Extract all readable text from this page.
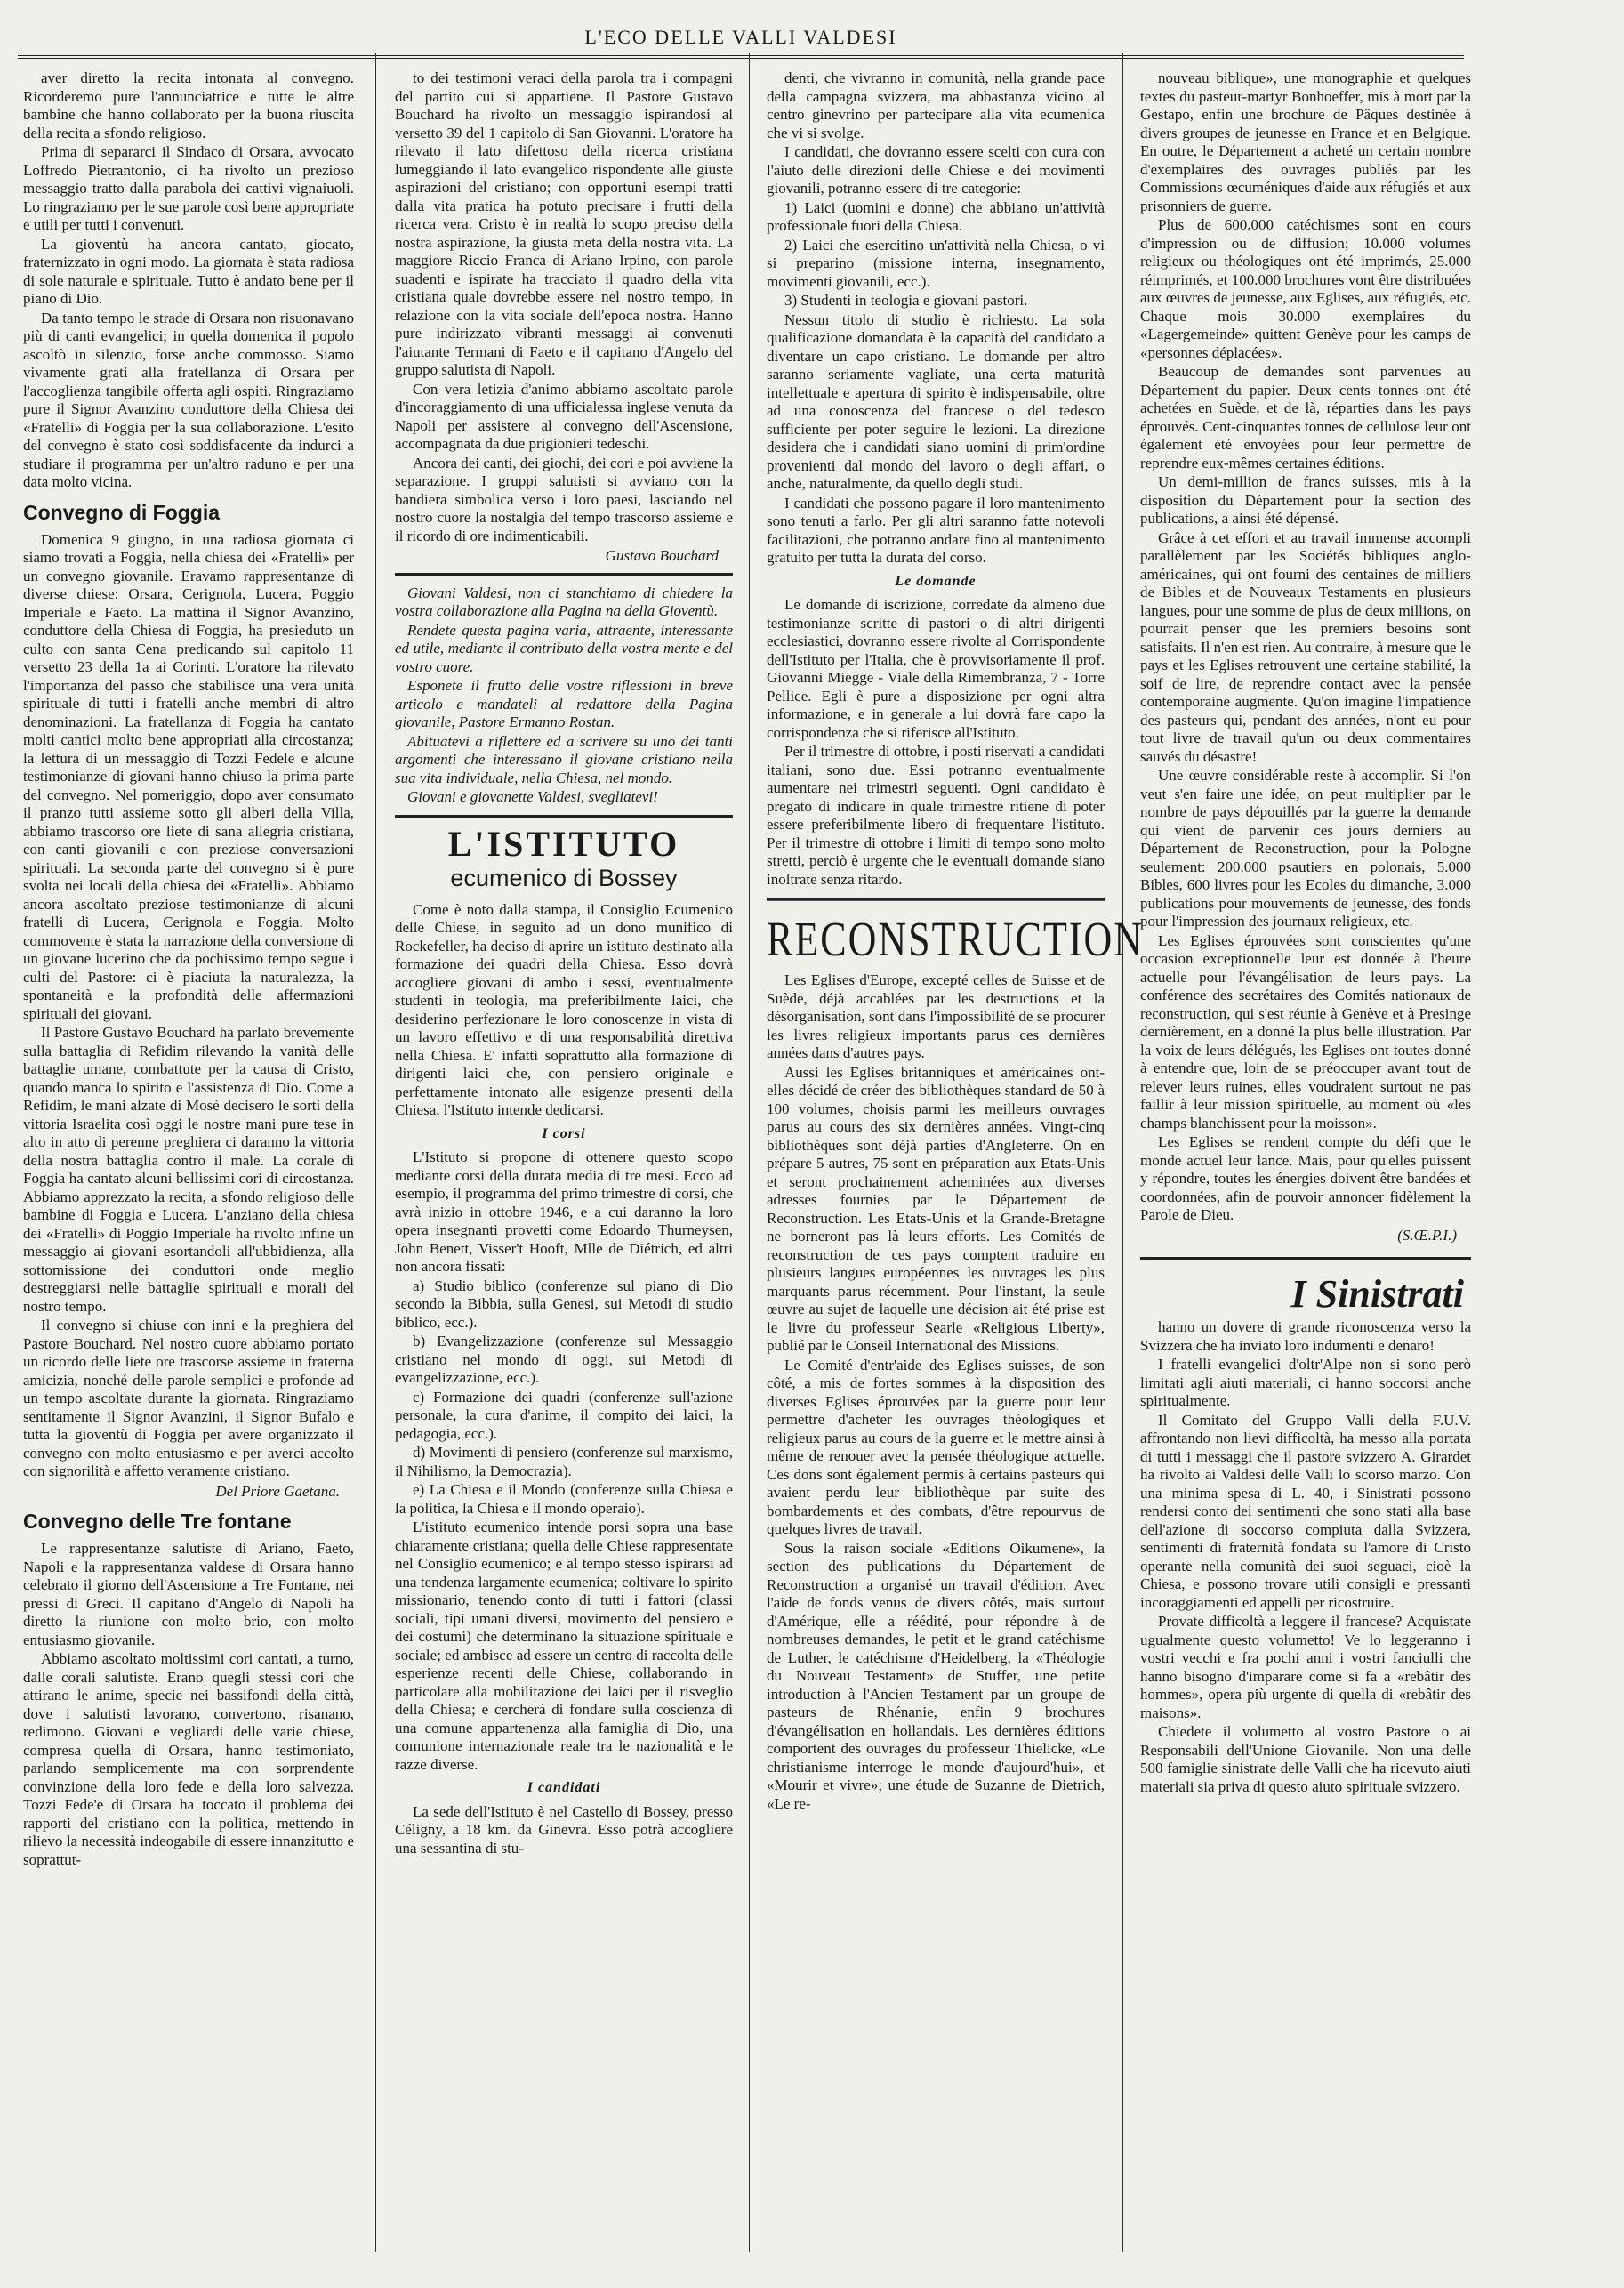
L'ECO DELLE VALLI VALDESI

aver diretto la recita intonata al convegno. Ricorderemo pure l'annunciatrice e tutte le altre bambine che hanno collaborato per la buona riuscita della recita a sfondo religioso.

Prima di separarci il Sindaco di Orsara, avvocato Loffredo Pietrantonio, ci ha rivolto un prezioso messaggio tratto dalla parabola dei cattivi vignaiuoli. Lo ringraziamo per le sue parole così bene appropriate e utili per tutti i convenuti.

La gioventù ha ancora cantato, giocato, fraternizzato in ogni modo. La giornata è stata radiosa di sole naturale e spirituale. Tutto è andato bene per il piano di Dio.

Da tanto tempo le strade di Orsara non risuonavano più di canti evangelici; in quella domenica il popolo ascoltò in silenzio, forse anche commosso. Siamo vivamente grati alla fratellanza di Orsara per l'accoglienza tangibile offerta agli ospiti. Ringraziamo pure il Signor Avanzino conduttore della Chiesa dei «Fratelli» di Foggia per la sua collaborazione. L'esito del convegno è stato così soddisfacente da indurci a studiare il programma per un'altro raduno e per una data molto vicina.

Convegno di Foggia

Domenica 9 giugno, in una radiosa giornata ci siamo trovati a Foggia, nella chiesa dei «Fratelli» per un convegno giovanile. Eravamo rappresentanze di diverse chiese: Orsara, Cerignola, Lucera, Poggio Imperiale e Faeto. La mattina il Signor Avanzino, conduttore della Chiesa di Foggia, ha presieduto un culto con santa Cena predicando sul capitolo 11 versetto 23 della 1a ai Corinti. L'oratore ha rilevato l'importanza del passo che stabilisce una vera unità spirituale di tutti i fratelli anche membri di altro denominazioni. La fratellanza di Foggia ha cantato molti cantici molto bene appropriati alla circostanza; la lettura di un messaggio di Tozzi Fedele e alcune testimonianze di giovani hanno chiuso la prima parte del convegno. Nel pomeriggio, dopo aver consumato il pranzo tutti assieme sotto gli alberi della Villa, abbiamo trascorso ore liete di sana allegria cristiana, con canti giovanili e con preziose conversazioni spirituali. La seconda parte del convegno si è pure svolta nei locali della chiesa dei «Fratelli». Abbiamo ancora ascoltato preziose testimonianze di alcuni fratelli di Lucera, Cerignola e Foggia. Molto commovente è stata la narrazione della conversione di un giovane lucerino che da pochissimo tempo segue i culti del Pastore: ci è piaciuta la naturalezza, la spontaneità e la profondità delle affermazioni spirituali dei giovani.

Il Pastore Gustavo Bouchard ha parlato brevemente sulla battaglia di Refidim rilevando la vanità delle battaglie umane, combattute per la causa di Cristo, quando manca lo spirito e l'assistenza di Dio. Come a Refidim, le mani alzate di Mosè decisero le sorti della vittoria Israelita così oggi le nostre mani pure tese in alto in atto di perenne preghiera ci daranno la vittoria della nostra battaglia contro il male. La corale di Foggia ha cantato alcuni bellissimi cori di circostanza. Abbiamo apprezzato la recita, a sfondo religioso delle bambine di Foggia e Lucera. L'anziano della chiesa dei «Fratelli» di Poggio Imperiale ha rivolto infine un messaggio ai giovani esortandoli all'ubbidienza, alla sottomissione dei conduttori onde meglio destreggiarsi nelle battaglie spirituali e morali del nostro tempo.

Il convegno si chiuse con inni e la preghiera del Pastore Bouchard. Nel nostro cuore abbiamo portato un ricordo delle liete ore trascorse assieme in fraterna amicizia, nonché delle parole semplici e profonde ad un tempo ascoltate durante la giornata. Ringraziamo sentitamente il Signor Avanzini, il Signor Bufalo e tutta la gioventù di Foggia per avere organizzato il convegno con molto entusiasmo e per averci accolto con signorilità e affetto veramente cristiano.

Del Priore Gaetana.

Convegno delle Tre fontane

Le rappresentanze salutiste di Ariano, Faeto, Napoli e la rappresentanza valdese di Orsara hanno celebrato il giorno dell'Ascensione a Tre Fontane, nei pressi di Greci. Il capitano d'Angelo di Napoli ha diretto la riunione con molto brio, con molto entusiasmo giovanile.

Abbiamo ascoltato moltissimi cori cantati, a turno, dalle corali salutiste. Erano quegli stessi cori che attirano le anime, specie nei bassifondi della città, dove i salutisti lavorano, convertono, risanano, redimono. Giovani e vegliardi delle varie chiese, compresa quella di Orsara, hanno testimoniato, parlando semplicemente ma con sorprendente convinzione della loro fede e della loro salvezza. Tozzi Fede'e di Orsara ha toccato il problema dei rapporti del cristiano con la politica, mettendo in rilievo la necessità indeogabile di essere innanzitutto e soprattut-

to dei testimoni veraci della parola tra i compagni del partito cui si appartiene. Il Pastore Gustavo Bouchard ha rivolto un messaggio ispirandosi al versetto 39 del 1 capitolo di San Giovanni. L'oratore ha rilevato il lato difettoso della ricerca cristiana lumeggiando il lato evangelico rispondente alle giuste aspirazioni del cristiano; con opportuni esempi tratti dalla vita pratica ha potuto precisare i frutti della ricerca vera. Cristo è in realtà lo scopo preciso della nostra aspirazione, la giusta meta della nostra vita. La maggiore Riccio Franca di Ariano Irpino, con parole suadenti e ispirate ha tracciato il quadro della vita cristiana quale dovrebbe essere nel nostro tempo, in relazione con la vita sociale dell'epoca nostra. Hanno pure indirizzato vibranti messaggi ai convenuti l'aiutante Termani di Faeto e il capitano d'Angelo del gruppo salutista di Napoli.

Con vera letizia d'animo abbiamo ascoltato parole d'incoraggiamento di una ufficialessa inglese venuta da Napoli per assistere al convegno dell'Ascensione, accompagnata da due prigionieri tedeschi.

Ancora dei canti, dei giochi, dei cori e poi avviene la separazione. I gruppi salutisti si avviano con la bandiera simbolica verso i loro paesi, lasciando nel nostro cuore la nostalgia del tempo trascorso assieme e il ricordo di ore indimenticabili.

Gustavo Bouchard

Giovani Valdesi, non ci stanchiamo di chiedere la vostra collaborazione alla Pagina na della Gioventù.

Rendete questa pagina varia, attraente, interessante ed utile, mediante il contributo della vostra mente e del vostro cuore.

Esponete il frutto delle vostre riflessioni in breve articolo e mandateli al redattore della Pagina giovanile, Pastore Ermanno Rostan.

Abituatevi a riflettere ed a scrivere su uno dei tanti argomenti che interessano il giovane cristiano nella sua vita individuale, nella Chiesa, nel mondo.

Giovani e giovanette Valdesi, svegliatevi!

L'ISTITUTO
ecumenico di Bossey

Come è noto dalla stampa, il Consiglio Ecumenico delle Chiese, in seguito ad un dono munifico di Rockefeller, ha deciso di aprire un istituto destinato alla formazione dei quadri della Chiesa. Esso dovrà accogliere giovani di ambo i sessi, eventualmente studenti in teologia, ma preferibilmente laici, che desiderino perfezionare le loro conoscenze in vista di un lavoro effettivo e di una responsabilità direttiva nella Chiesa. E' infatti soprattutto alla formazione di dirigenti laici che, con pensiero originale e perfettamente intonato alle esigenze presenti della Chiesa, l'Istituto intende dedicarsi.

I corsi

L'Istituto si propone di ottenere questo scopo mediante corsi della durata media di tre mesi. Ecco ad esempio, il programma del primo trimestre di corsi, che avrà inizio in ottobre 1946, e a cui daranno la loro opera insegnanti provetti come Edoardo Thurneysen, John Benett, Visser't Hooft, Mlle de Diétrich, ed altri non ancora fissati:

a) Studio biblico (conferenze sul piano di Dio secondo la Bibbia, sulla Genesi, sui Metodi di studio biblico, ecc.).

b) Evangelizzazione (conferenze sul Messaggio cristiano nel mondo di oggi, sui Metodi di evangelizzazione, ecc.).

c) Formazione dei quadri (conferenze sull'azione personale, la cura d'anime, il compito dei laici, la pedagogia, ecc.).

d) Movimenti di pensiero (conferenze sul marxismo, il Nihilismo, la Democrazia).

e) La Chiesa e il Mondo (conferenze sulla Chiesa e la politica, la Chiesa e il mondo operaio).

L'istituto ecumenico intende porsi sopra una base chiaramente cristiana; quella delle Chiese rappresentate nel Consiglio ecumenico; e al tempo stesso ispirarsi ad una tendenza largamente ecumenica; coltivare lo spirito missionario, tenendo conto di tutti i fattori (classi sociali, tipi umani diversi, movimento del pensiero e dei costumi) che determinano la situazione spirituale e sociale; ed ambisce ad essere un centro di raccolta delle esperienze recenti delle Chiese, collaborando in particolare alla mobilitazione dei laici per il risveglio della Chiesa; e cercherà di fondare sulla coscienza di una comune appartenenza alla famiglia di Dio, una comunione internazionale reale tra le nazionalità e le razze diverse.

I candidati

La sede dell'Istituto è nel Castello di Bossey, presso Céligny, a 18 km. da Ginevra. Esso potrà accogliere una sessantina di stu-

denti, che vivranno in comunità, nella grande pace della campagna svizzera, ma abbastanza vicino al centro ginevrino per partecipare alla vita ecumenica che vi si svolge.

I candidati, che dovranno essere scelti con cura con l'aiuto delle direzioni delle Chiese e dei movimenti giovanili, potranno essere di tre categorie:

1) Laici (uomini e donne) che abbiano un'attività professionale fuori della Chiesa.

2) Laici che esercitino un'attività nella Chiesa, o vi si preparino (missione interna, insegnamento, movimenti giovanili, ecc.).

3) Studenti in teologia e giovani pastori.

Nessun titolo di studio è richiesto. La sola qualificazione domandata è la capacità del candidato a diventare un capo cristiano. Le domande per altro saranno seriamente vagliate, una certa maturità intellettuale e apertura di spirito è indispensabile, oltre ad una conoscenza del francese o del tedesco sufficiente per poter seguire le lezioni. La direzione desidera che i candidati siano uomini di prim'ordine provenienti dal mondo del lavoro o degli affari, o anche, naturalmente, da quello degli studi.

I candidati che possono pagare il loro mantenimento sono tenuti a farlo. Per gli altri saranno fatte notevoli facilitazioni, che potranno andare fino al mantenimento gratuito per tutta la durata del corso.

Le domande

Le domande di iscrizione, corredate da almeno due testimonianze scritte di pastori o di altri dirigenti ecclesiastici, dovranno essere rivolte al Corrispondente dell'Istituto per l'Italia, che è provvisoriamente il prof. Giovanni Miegge - Viale della Rimembranza, 7 - Torre Pellice. Egli è pure a disposizione per ogni altra informazione, e in generale a lui dovrà fare capo la corrispondenza che si riferisce all'Istituto.

Per il trimestre di ottobre, i posti riservati a candidati italiani, sono due. Essi potranno eventualmente aumentare nei trimestri seguenti. Ogni candidato è pregato di indicare in quale trimestre ritiene di poter essere preferibilmente libero di frequentare l'istituto. Per il trimestre di ottobre i limiti di tempo sono molto stretti, perciò è urgente che le eventuali domande siano inoltrate senza ritardo.

RECONSTRUCTION

Les Eglises d'Europe, excepté celles de Suisse et de Suède, déjà accablées par les destructions et la désorganisation, sont dans l'impossibilité de se procurer les livres religieux importants parus ces dernières années dans d'autres pays.

Aussi les Eglises britanniques et américaines ont-elles décidé de créer des bibliothèques standard de 50 à 100 volumes, choisis parmi les meilleurs ouvrages parus au cours des six dernières années. Vingt-cinq bibliothèques sont déjà parties d'Angleterre. On en prépare 5 autres, 75 sont en préparation aux Etats-Unis et seront prochainement acheminées aux diverses adresses fournies par le Département de Reconstruction. Les Etats-Unis et la Grande-Bretagne ne borneront pas là leurs efforts. Les Comités de reconstruction de ces pays comptent traduire en plusieurs langues européennes les ouvrages les plus marquants parus récemment. Pour l'instant, la seule œuvre au sujet de laquelle une décision ait été prise est le livre du professeur Searle «Religious Liberty», publié par le Conseil International des Missions.

Le Comité d'entr'aide des Eglises suisses, de son côté, a mis de fortes sommes à la disposition des diverses Eglises éprouvées par la guerre pour leur permettre d'acheter les ouvrages théologiques et religieux parus au cours de la guerre et le mettre ainsi à même de renouer avec la pensée théologique actuelle. Ces dons sont également permis à certains pasteurs qui avaient perdu leur bibliothèque par suite des bombardements et des combats, d'être repourvus de quelques livres de travail.

Sous la raison sociale «Editions Oikumene», la section des publications du Département de Reconstruction a organisé un travail d'édition. Avec l'aide de fonds venus de divers côtés, mais surtout d'Amérique, elle a réédité, pour répondre à de nombreuses demandes, le petit et le grand catéchisme de Luther, le catéchisme d'Heidelberg, la «Théologie du Nouveau Testament» de Stuffer, une petite introduction à l'Ancien Testament par un groupe de pasteurs de Rhénanie, enfin 9 brochures d'évangélisation en hollandais. Les dernières éditions comportent des ouvrages du professeur Thielicke, «Le christianisme interroge le monde d'aujourd'hui», et «Mourir et vivre»; une étude de Suzanne de Dietrich, «Le re-

nouveau biblique», une monographie et quelques textes du pasteur-martyr Bonhoeffer, mis à mort par la Gestapo, enfin une brochure de Pâques destinée à divers groupes de jeunesse en France et en Belgique. En outre, le Département a acheté un certain nombre d'exemplaires des ouvrages publiés par les Commissions œcuméniques d'aide aux réfugiés et aux prisonniers de guerre.

Plus de 600.000 catéchismes sont en cours d'impression ou de diffusion; 10.000 volumes religieux ou théologiques ont été imprimés, 25.000 réimprimés, et 100.000 brochures vont être distribuées aux œuvres de jeunesse, aux Eglises, aux réfugiés, etc. Chaque mois 30.000 exemplaires du «Lagergemeinde» quittent Genève pour les camps de «personnes déplacées».

Beaucoup de demandes sont parvenues au Département du papier. Deux cents tonnes ont été achetées en Suède, et de là, réparties dans les pays éprouvés. Cent-cinquantes tonnes de cellulose leur ont également été envoyées pour leur permettre de reprendre eux-mêmes certaines éditions.

Un demi-million de francs suisses, mis à la disposition du Département pour la section des publications, a ainsi été dépensé.

Grâce à cet effort et au travail immense accompli parallèlement par les Sociétés bibliques anglo-américaines, qui ont fourni des centaines de milliers de Bibles et de Nouveaux Testaments en plusieurs langues, pour une somme de plus de deux millions, on pourrait penser que les premiers besoins sont satisfaits. Il n'en est rien. Au contraire, à mesure que le pays et les Eglises retrouvent une certaine stabilité, la soif de lire, de reprendre contact avec la pensée contemporaine augmente. Qu'on imagine l'impatience des pasteurs qui, pendant des années, n'ont eu pour tout livre de travail qu'un ou deux commentaires sauvés du désastre!

Une œuvre considérable reste à accomplir. Si l'on veut s'en faire une idée, on peut multiplier par le nombre de pays dépouillés par la guerre la demande qui vient de parvenir ces jours derniers au Département de Reconstruction, pour la Pologne seulement: 200.000 psautiers en polonais, 5.000 Bibles, 600 livres pour les Ecoles du dimanche, 3.000 publications pour mouvements de jeunesse, des fonds pour l'impression des journaux religieux, etc.

Les Eglises éprouvées sont conscientes qu'une occasion exceptionnelle leur est donnée à l'heure actuelle pour l'évangélisation de leurs pays. La conférence des secrétaires des Comités nationaux de reconstruction, qui s'est réunie à Genève et à Presinge dernièrement, en a donné la plus belle illustration. Par la voix de leurs délégués, les Eglises ont toutes donné à entendre que, loin de se préoccuper avant tout de relever leurs ruines, elles voudraient surtout ne pas faillir à leur mission spirituelle, au moment où «les champs blanchissent pour la moisson».

Les Eglises se rendent compte du défi que le monde actuel leur lance. Mais, pour qu'elles puissent y répondre, toutes les énergies doivent être bandées et coordonnées, afin de pouvoir annoncer fidèlement la Parole de Dieu.

(S.Œ.P.I.)

I Sinistrati

hanno un dovere di grande riconoscenza verso la Svizzera che ha inviato loro indumenti e denaro!

I fratelli evangelici d'oltr'Alpe non si sono però limitati agli aiuti materiali, ci hanno soccorsi anche spiritualmente.

Il Comitato del Gruppo Valli della F.U.V. affrontando non lievi difficoltà, ha messo alla portata di tutti i messaggi che il pastore svizzero A. Girardet ha rivolto ai Valdesi delle Valli lo scorso marzo. Con una minima spesa di L. 40, i Sinistrati possono rendersi conto dei sentimenti che sono stati alla base dell'azione di soccorso compiuta dalla Svizzera, sentimenti di fraternità fondata su l'amore di Cristo operante nella comunità dei suoi seguaci, cioè la Chiesa, e possono trovare utili consigli e pressanti incoraggiamenti ed appelli per ricostruire.

Provate difficoltà a leggere il francese? Acquistate ugualmente questo volumetto! Ve lo leggeranno i vostri vecchi e fra pochi anni i vostri fanciulli che hanno bisogno d'imparare come si fa a «rebâtir des hommes», opera più urgente di quella di «rebâtir des maisons».

Chiedete il volumetto al vostro Pastore o ai Responsabili dell'Unione Giovanile. Non una delle 500 famiglie sinistrate delle Valli che ha ricevuto aiuti materiali sia priva di questo aiuto spirituale svizzero.
